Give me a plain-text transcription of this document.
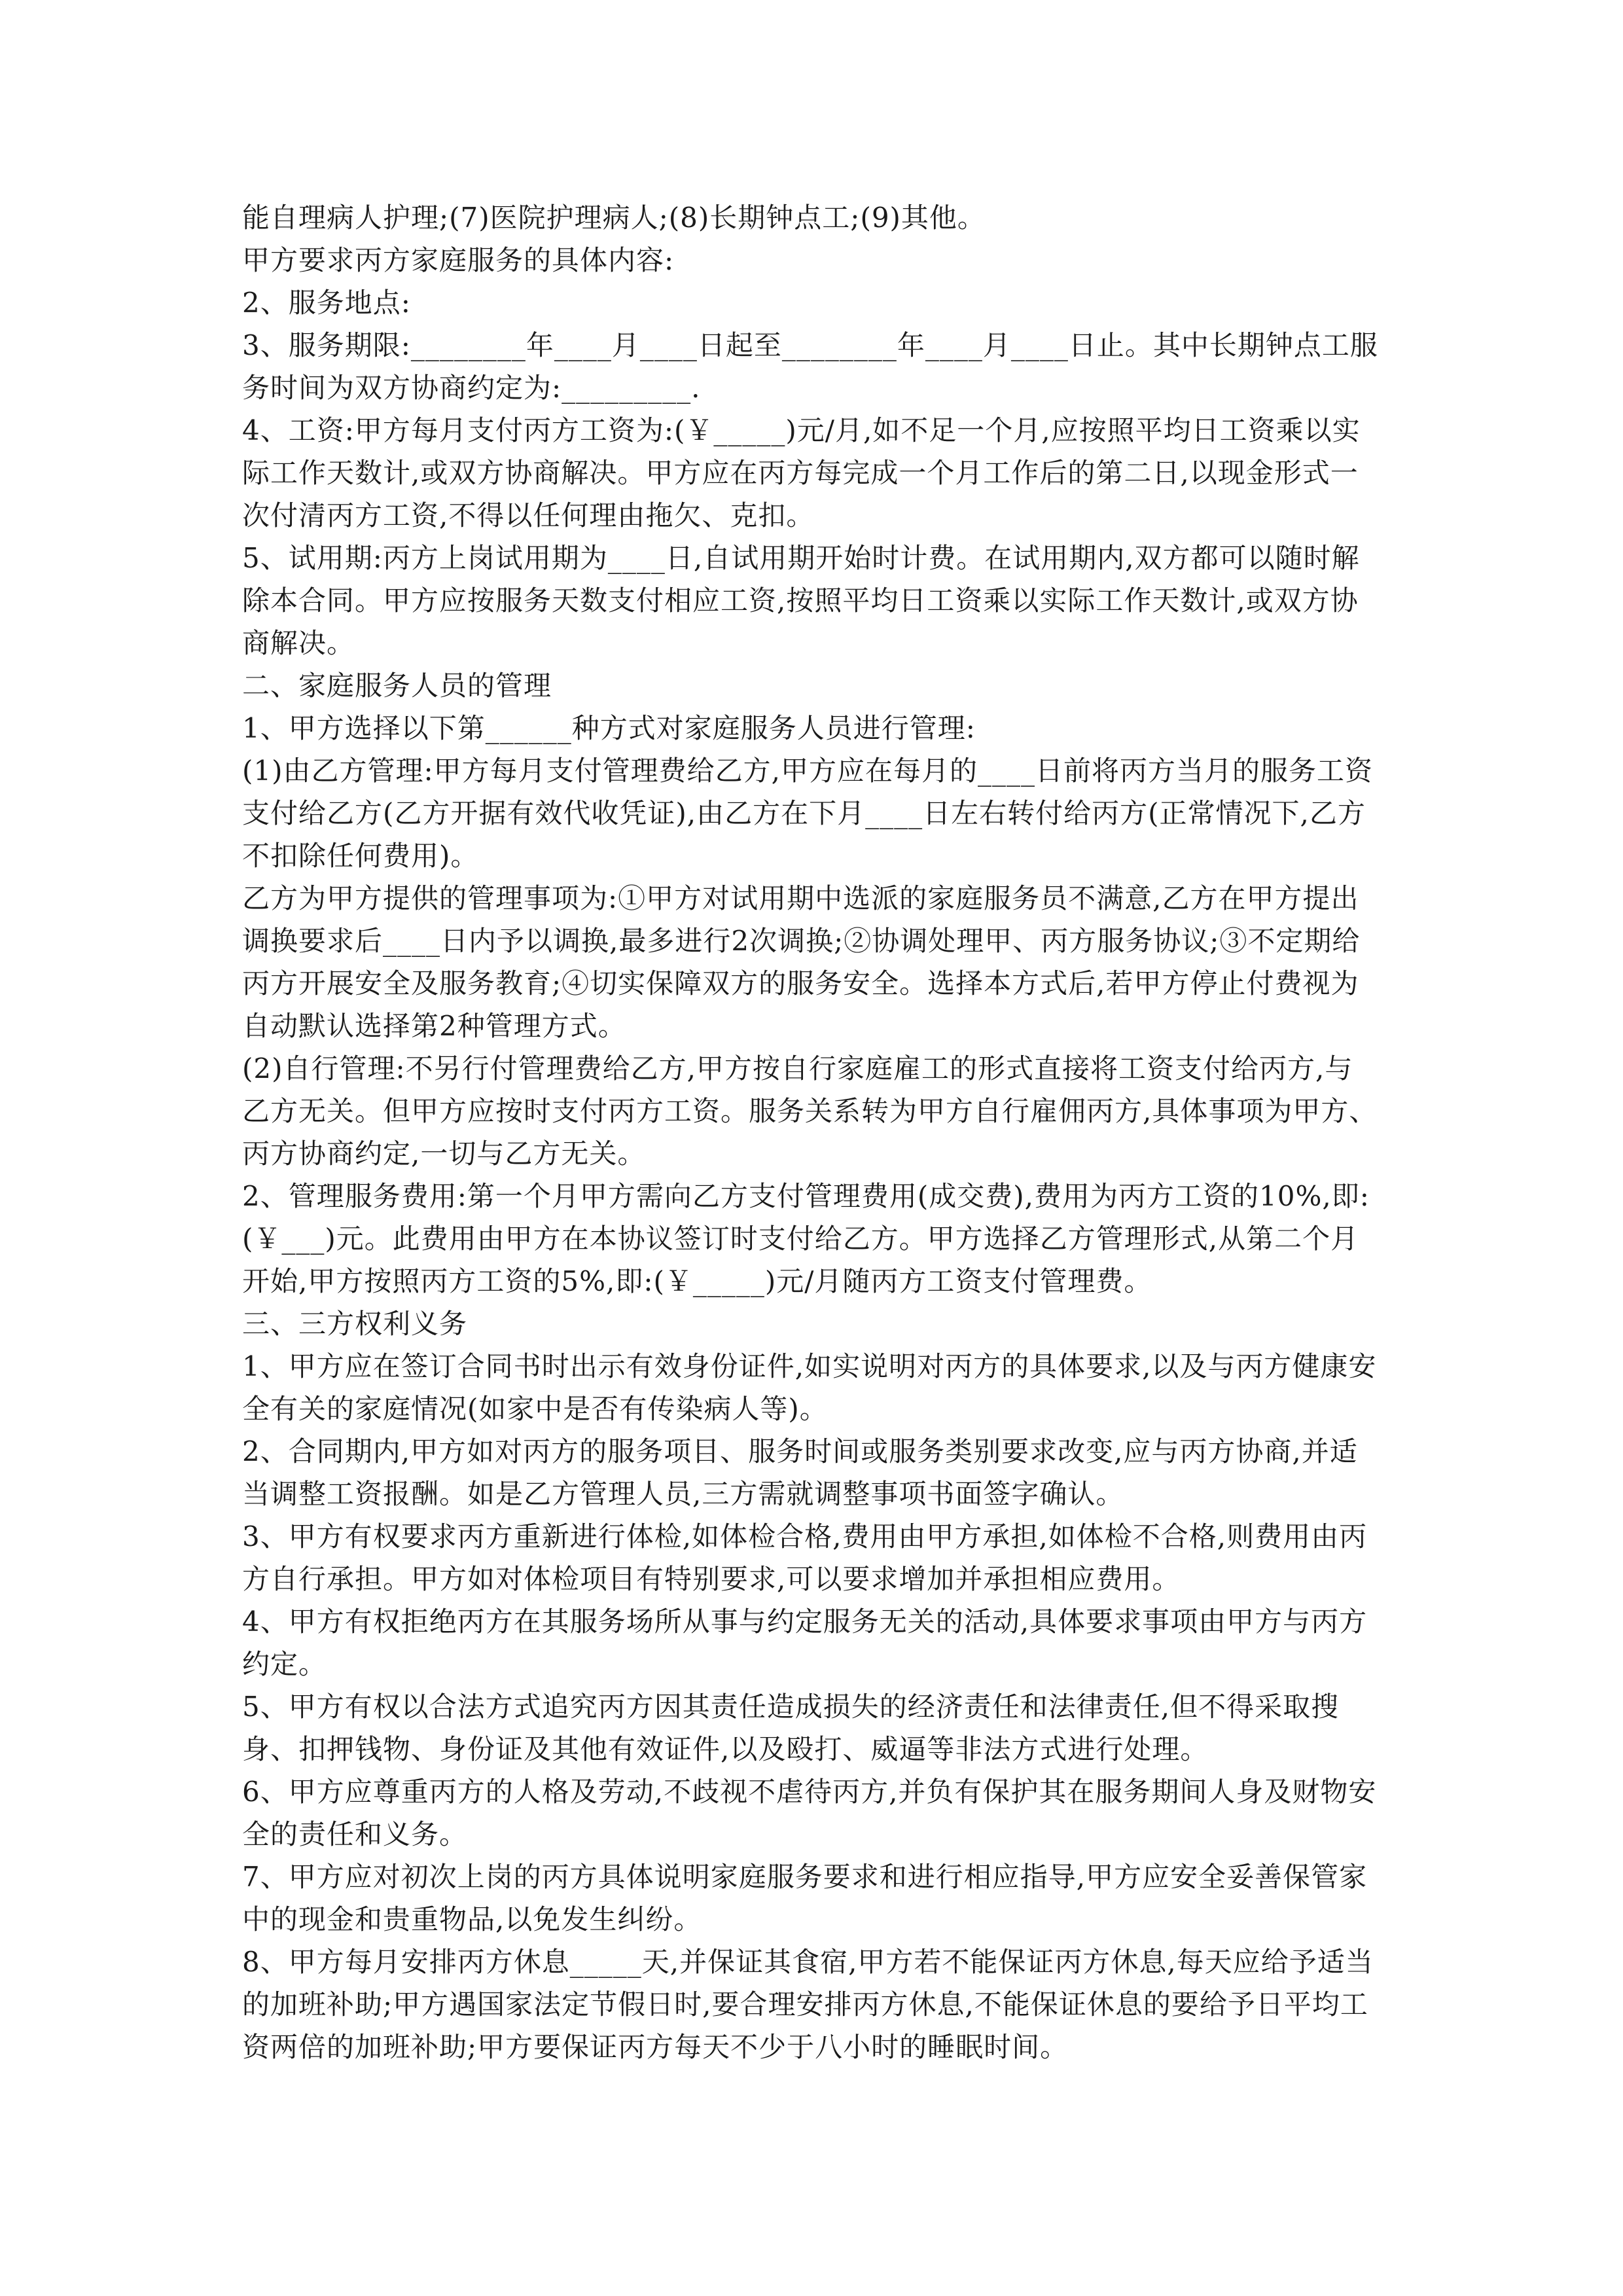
能自理病人护理;(7)医院护理病人;(8)长期钟点工;(9)其他。

甲方要求丙方家庭服务的具体内容:

2、服务地点:

3、服务期限:________年____月____日起至________年____月____日止。其中长期钟点工服务时间为双方协商约定为:_________.

4、工资:甲方每月支付丙方工资为:(￥_____)元/月,如不足一个月,应按照平均日工资乘以实际工作天数计,或双方协商解决。甲方应在丙方每完成一个月工作后的第二日,以现金形式一次付清丙方工资,不得以任何理由拖欠、克扣。

5、试用期:丙方上岗试用期为____日,自试用期开始时计费。在试用期内,双方都可以随时解除本合同。甲方应按服务天数支付相应工资,按照平均日工资乘以实际工作天数计,或双方协商解决。

二、家庭服务人员的管理

1、甲方选择以下第______种方式对家庭服务人员进行管理:

(1)由乙方管理:甲方每月支付管理费给乙方,甲方应在每月的____日前将丙方当月的服务工资支付给乙方(乙方开据有效代收凭证),由乙方在下月____日左右转付给丙方(正常情况下,乙方不扣除任何费用)。

乙方为甲方提供的管理事项为:①甲方对试用期中选派的家庭服务员不满意,乙方在甲方提出调换要求后____日内予以调换,最多进行2次调换;②协调处理甲、丙方服务协议;③不定期给丙方开展安全及服务教育;④切实保障双方的服务安全。选择本方式后,若甲方停止付费视为自动默认选择第2种管理方式。

(2)自行管理:不另行付管理费给乙方,甲方按自行家庭雇工的形式直接将工资支付给丙方,与乙方无关。但甲方应按时支付丙方工资。服务关系转为甲方自行雇佣丙方,具体事项为甲方、丙方协商约定,一切与乙方无关。

2、管理服务费用:第一个月甲方需向乙方支付管理费用(成交费),费用为丙方工资的10%,即:(￥___)元。此费用由甲方在本协议签订时支付给乙方。甲方选择乙方管理形式,从第二个月开始,甲方按照丙方工资的5%,即:(￥_____)元/月随丙方工资支付管理费。

三、三方权利义务

1、甲方应在签订合同书时出示有效身份证件,如实说明对丙方的具体要求,以及与丙方健康安全有关的家庭情况(如家中是否有传染病人等)。

2、合同期内,甲方如对丙方的服务项目、服务时间或服务类别要求改变,应与丙方协商,并适当调整工资报酬。如是乙方管理人员,三方需就调整事项书面签字确认。

3、甲方有权要求丙方重新进行体检,如体检合格,费用由甲方承担,如体检不合格,则费用由丙方自行承担。甲方如对体检项目有特别要求,可以要求增加并承担相应费用。

4、甲方有权拒绝丙方在其服务场所从事与约定服务无关的活动,具体要求事项由甲方与丙方约定。

5、甲方有权以合法方式追究丙方因其责任造成损失的经济责任和法律责任,但不得采取搜身、扣押钱物、身份证及其他有效证件,以及殴打、威逼等非法方式进行处理。

6、甲方应尊重丙方的人格及劳动,不歧视不虐待丙方,并负有保护其在服务期间人身及财物安全的责任和义务。

7、甲方应对初次上岗的丙方具体说明家庭服务要求和进行相应指导,甲方应安全妥善保管家中的现金和贵重物品,以免发生纠纷。

8、甲方每月安排丙方休息_____天,并保证其食宿,甲方若不能保证丙方休息,每天应给予适当的加班补助;甲方遇国家法定节假日时,要合理安排丙方休息,不能保证休息的要给予日平均工资两倍的加班补助;甲方要保证丙方每天不少于八小时的睡眠时间。
